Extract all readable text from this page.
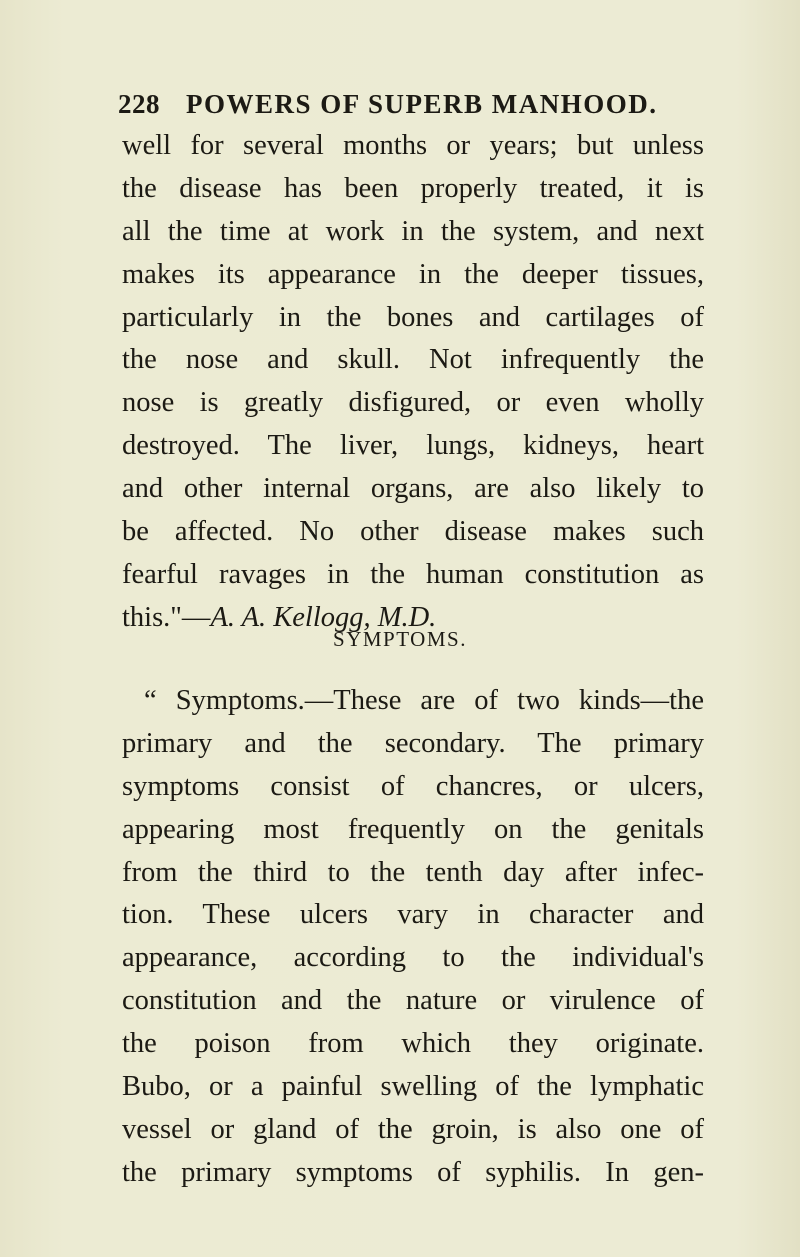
228 POWERS OF SUPERB MANHOOD.
well for several months or years; but unless
the disease has been properly treated, it is
all the time at work in the system, and next
makes its appearance in the deeper tissues,
particularly in the bones and cartilages of
the nose and skull. Not infrequently the
nose is greatly disfigured, or even wholly
destroyed. The liver, lungs, kidneys, heart
and other internal organs, are also likely to
be affected. No other disease makes such
fearful ravages in the human constitution as
this."—A. A. Kellogg, M.D.
SYMPTOMS.
“ Symptoms.—These are of two kinds—the
primary and the secondary. The primary
symptoms consist of chancres, or ulcers,
appearing most frequently on the genitals
from the third to the tenth day after infec-
tion. These ulcers vary in character and
appearance, according to the individual's
constitution and the nature or virulence of
the poison from which they originate.
Bubo, or a painful swelling of the lymphatic
vessel or gland of the groin, is also one of
the primary symptoms of syphilis. In gen-
